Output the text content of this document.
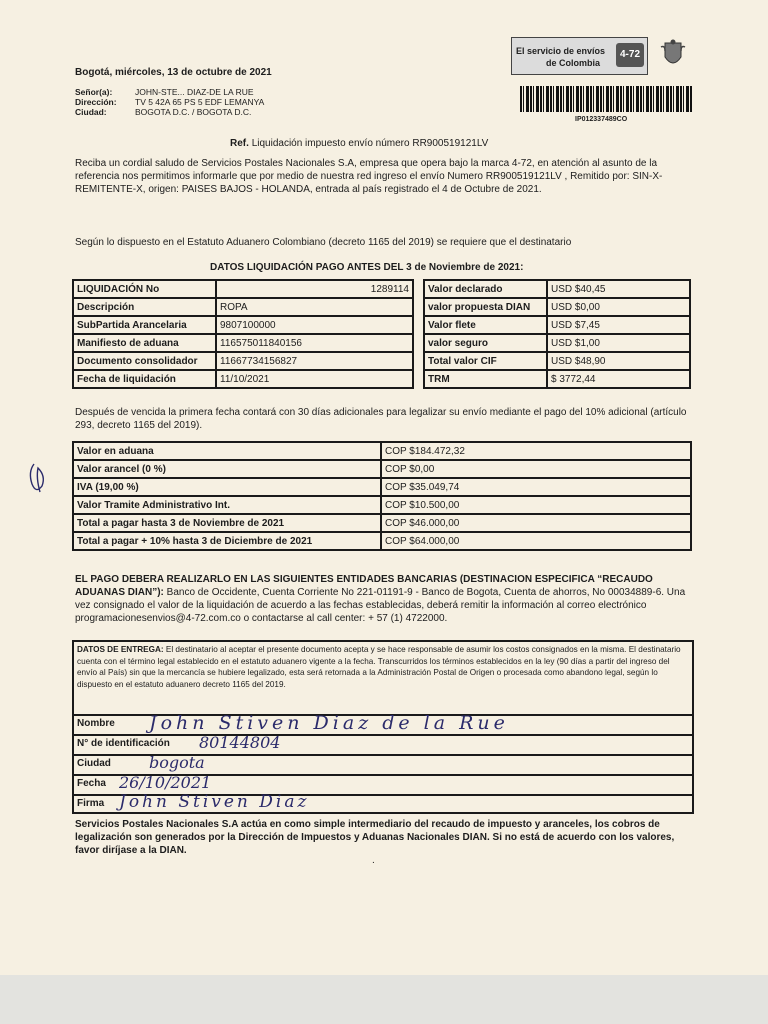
Bogotá, miércoles, 13 de octubre de 2021
Señor(a):	JOHN-STE... DIAZ-DE LA RUE
Dirección: TV 5 42A 65 PS 5 EDF LEMANYA
Ciudad:	BOGOTA D.C. / BOGOTA D.C.
El servicio de envíos
de Colombia
4-72
IP012337489CO
Ref. Liquidación impuesto envío número RR900519121LV
Reciba un cordial saludo de Servicios Postales Nacionales S.A, empresa que opera bajo la marca 4-72, en atención al asunto de la referencia nos permitimos informarle que por medio de nuestra red ingreso el envío Numero RR900519121LV , Remitido por: SIN-X-REMITENTE-X, origen: PAISES BAJOS - HOLANDA, entrada al país registrado el 4 de Octubre de 2021.
Según lo dispuesto en el Estatuto Aduanero Colombiano (decreto 1165 del 2019) se requiere que el destinatario
DATOS LIQUIDACIÓN PAGO ANTES DEL 3 de Noviembre de 2021:
LIQUIDACIÓN No	1289114
Descripción	ROPA
SubPartida Arancelaria	9807100000
Manifiesto de aduana	116575011840156
Documento consolidador	11667734156827
Fecha de liquidación	11/10/2021
Valor declarado	USD $40,45
valor propuesta DIAN	USD $0,00
Valor flete	USD $7,45
valor seguro	USD $1,00
Total valor CIF	USD $48,90
TRM	$ 3772,44
Después de vencida la primera fecha contará con 30 días adicionales para legalizar su envío mediante el pago del 10% adicional (artículo 293, decreto 1165 del 2019).
Valor en aduana	COP $184.472,32
Valor arancel (0 %)	COP $0,00
IVA (19,00 %)	COP $35.049,74
Valor Tramite Administrativo Int.	COP $10.500,00
Total a pagar hasta 3 de Noviembre de 2021	COP $46.000,00
Total a pagar + 10% hasta 3 de Diciembre de 2021	COP $64.000,00
EL PAGO DEBERA REALIZARLO EN LAS SIGUIENTES ENTIDADES BANCARIAS (DESTINACION ESPECIFICA “RECAUDO ADUANAS DIAN”): Banco de Occidente, Cuenta Corriente No 221-01191-9 - Banco de Bogota, Cuenta de ahorros, No 00034889-6. Una vez consignado el valor de la liquidación de acuerdo a las fechas establecidas, deberá remitir la información al correo electrónico programacionesenvios@4-72.com.co o contactarse al call center: + 57 (1) 4722000.
DATOS DE ENTREGA: El destinatario al aceptar el presente documento acepta y se hace responsable de asumir los costos consignados en la misma. El destinatario cuenta con el término legal establecido en el estatuto aduanero vigente a la fecha. Transcurridos los términos establecidos en la ley (90 días a partir del ingreso del envío al País) sin que la mercancía se hubiere legalizado, esta será retornada a la Administración Postal de Origen o procesada como abandono legal, según lo dispuesto en el estatuto aduanero decreto 1165 del 2019.
Nombre John Stiven Diaz de la Rue
N° de identificación 80144804
Ciudad bogota
Fecha 26/10/2021
Firma John Stiven Diaz
Servicios Postales Nacionales S.A actúa en como simple intermediario del recaudo de impuesto y aranceles, los cobros de legalización son generados por la Dirección de Impuestos y Aduanas Nacionales DIAN. Si no está de acuerdo con los valores, favor diríjase a la DIAN.
.
